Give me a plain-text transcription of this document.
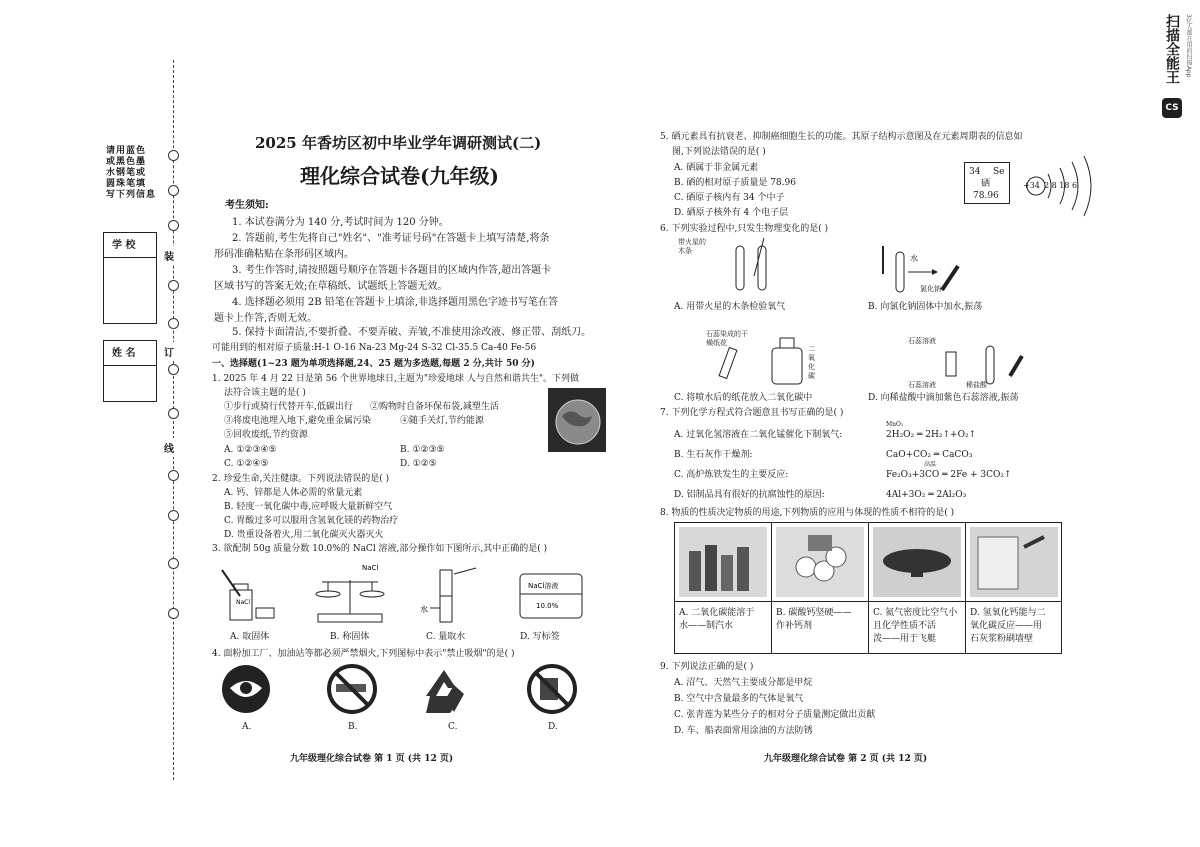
请用蓝色
或黑色墨
水钢笔或
圆珠笔填
写下列信息
学 校
姓 名
装
订
线
2025 年香坊区初中毕业学年调研测试(二)
理化综合试卷(九年级)
考生须知:
1. 本试卷满分为 140 分,考试时间为 120 分钟。
2. 答题前,考生先将自己"姓名"、"准考证号码"在答题卡上填写清楚,将条
形码准确粘贴在条形码区域内。
3. 考生作答时,请按照题号顺序在答题卡各题目的区域内作答,超出答题卡
区域书写的答案无效;在草稿纸、试题纸上答题无效。
4. 选择题必须用 2B 铅笔在答题卡上填涂,非选择题用黑色字迹书写笔在答
题卡上作答,否则无效。
5. 保持卡面清洁,不要折叠、不要弄破、弄皱,不准使用涂改液、修正带、刮纸刀。
可能用到的相对原子质量:H-1 O-16 Na-23 Mg-24 S-32 Cl-35.5 Ca-40 Fe-56
一、选择题(1~23 题为单项选择题,24、25 题为多选题,每题 2 分,共计 50 分)
1. 2025 年 4 月 22 日是第 56 个世界地球日,主题为"珍爱地球 人与自然和谐共生"。下列做
法符合该主题的是( )
①步行或骑行代替开车,低碳出行 ②购物时自备环保布袋,减塑生活
③将废电池埋入地下,避免重金属污染	④随手关灯,节约能源
⑤回收废纸,节约资源
A. ①②③④⑤	B. ①②③⑤
C. ①②④⑤	D. ①②⑤
2. 珍爱生命,关注健康。下列说法错误的是( )
A. 钙、锌都是人体必需的常量元素
B. 轻度一氧化碳中毒,应呼吸大量新鲜空气
C. 胃酸过多可以服用含氢氧化镁的药物治疗
D. 贵重设备着火,用二氧化碳灭火器灭火
3. 欲配制 50g 质量分数 10.0%的 NaCl 溶液,部分操作如下图所示,其中正确的是( )
NaCl
NaCl
水
NaCl溶液
10.0%
A. 取固体	B. 称固体	C. 量取水	D. 写标签
4. 面粉加工厂、加油站等都必须严禁烟火,下列图标中表示"禁止吸烟"的是( )
A.	B.	C.	D.
九年级理化综合试卷 第 1 页 (共 12 页)
5. 硒元素具有抗衰老、抑制癌细胞生长的功能。其原子结构示意图及在元素周期表的信息如
图,下列说法错误的是( )
A. 硒属于非金属元素
B. 硒的相对原子质量是 78.96
C. 硒原子核内有 34 个中子
D. 硒原子核外有 4 个电子层
34 Se
硒
78.96
+34 2 8 18 6
6. 下列实验过程中,只发生物理变化的是( )
带火星的木条
水
氯化钠
A. 用带火星的木条检验氧气	B. 向氯化钠固体中加水,振荡
石蕊染成的干燥纸花
二氧化碳
石蕊溶液
石蕊溶液	稀盐酸
C. 将喷水后的纸花放入二氧化碳中	D. 向稀盐酸中滴加紫色石蕊溶液,振荡
7. 下列化学方程式符合题意且书写正确的是( )
A. 过氧化氢溶液在二氧化锰催化下制氧气:
MnO₂
2H₂O₂ ═ 2H₂↑+O₂↑
B. 生石灰作干燥剂:	CaO+CO₂ ═ CaCO₃
C. 高炉炼铁发生的主要反应:
高温
Fe₂O₃+3CO ═ 2Fe + 3CO₂↑
D. 铝制品具有很好的抗腐蚀性的原因:	4Al+3O₂ ═ 2Al₂O₃
8. 物质的性质决定物质的用途,下列物质的应用与体现的性质不相符的是( )
A. 二氧化碳能溶于
水——制汽水
B. 碳酸钙坚硬——
作补钙剂
C. 氦气密度比空气小
且化学性质不活
泼——用于飞艇
D. 氢氧化钙能与二
氧化碳反应——用
石灰浆粉刷墙壁
9. 下列说法正确的是( )
A. 沼气、天然气主要成分都是甲烷
B. 空气中含量最多的气体是氧气
C. 张青莲为某些分子的相对分子质量测定做出贡献
D. 车、船表面常用涂油的方法防锈
九年级理化综合试卷 第 2 页 (共 12 页)
CS
扫描全能王 3亿人都在用的扫描App
